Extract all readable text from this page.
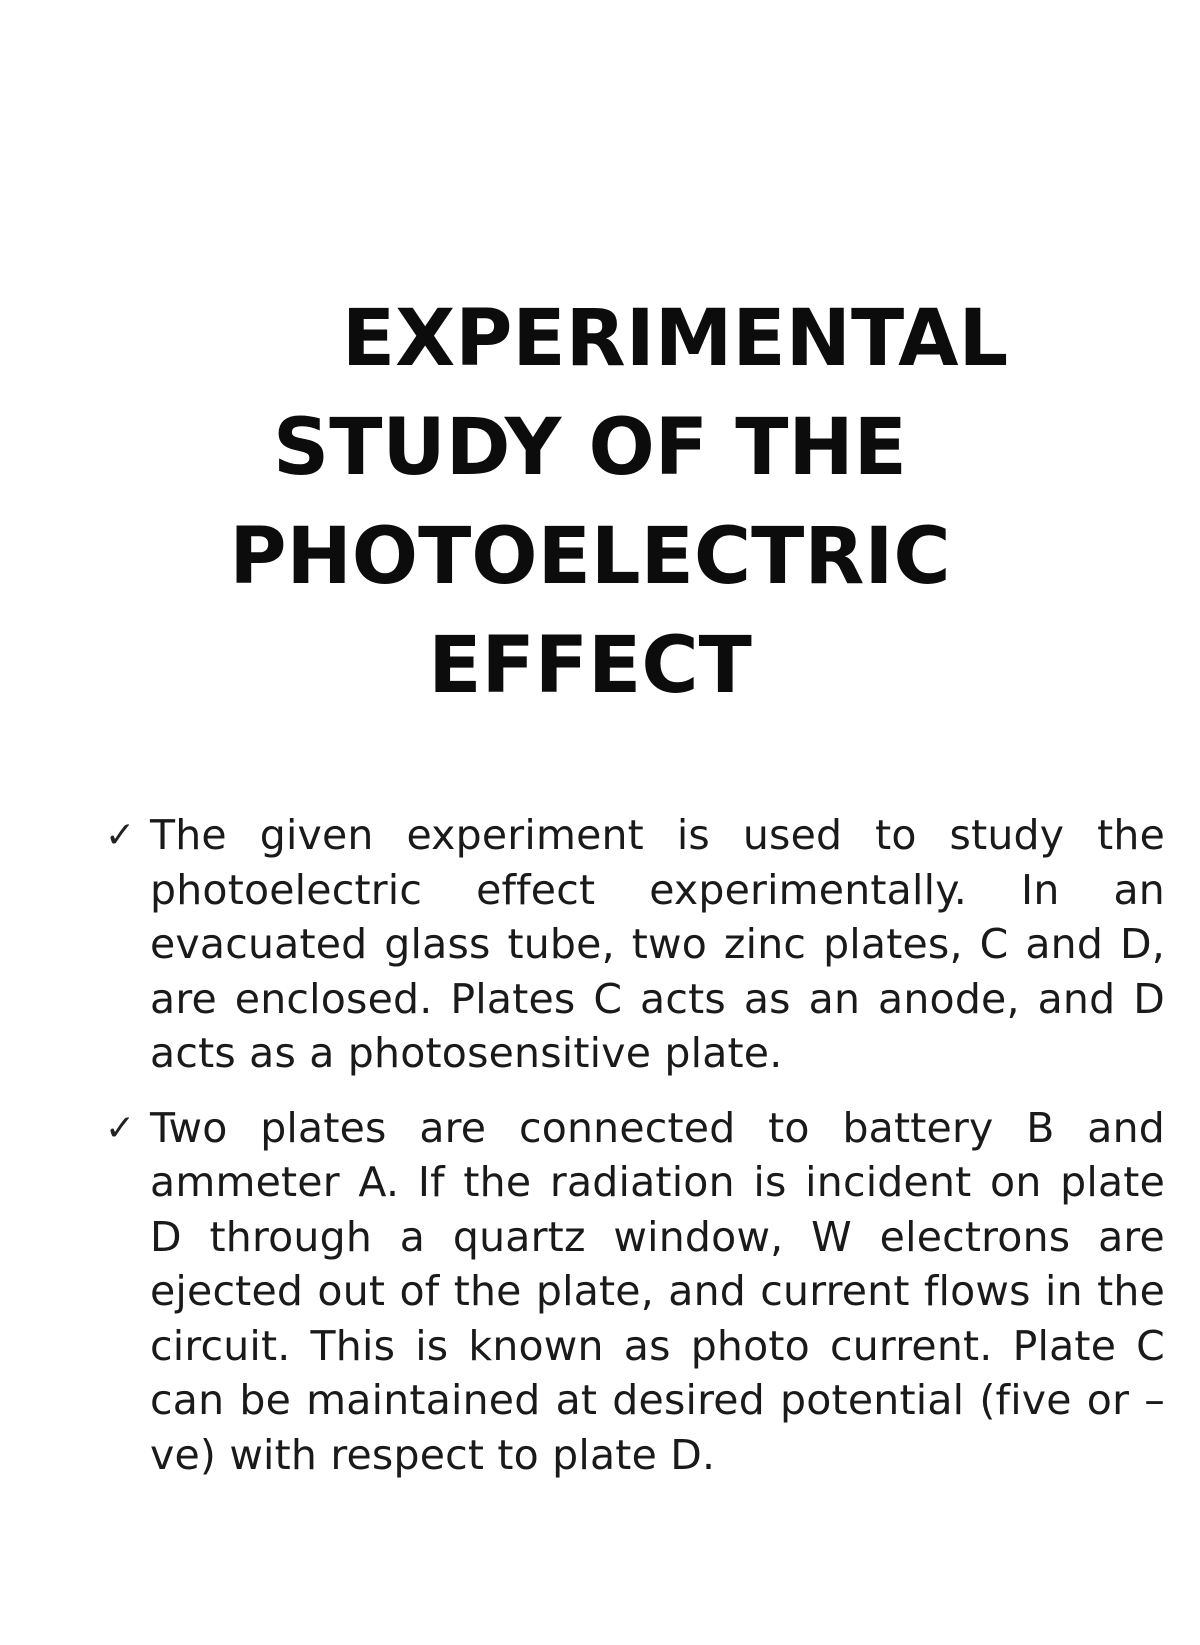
EXPERIMENTAL
STUDY OF THE
PHOTOELECTRIC
EFFECT
✓ The given experiment is used to study the photoelectric effect experimentally. In an evacuated glass tube, two zinc plates, C and D, are enclosed. Plates C acts as an anode, and D acts as a photosensitive plate.
✓ Two plates are connected to battery B and ammeter A. If the radiation is incident on plate D through a quartz window, W electrons are ejected out of the plate, and current flows in the circuit. This is known as photo current. Plate C can be maintained at desired potential (five or – ve) with respect to plate D.
